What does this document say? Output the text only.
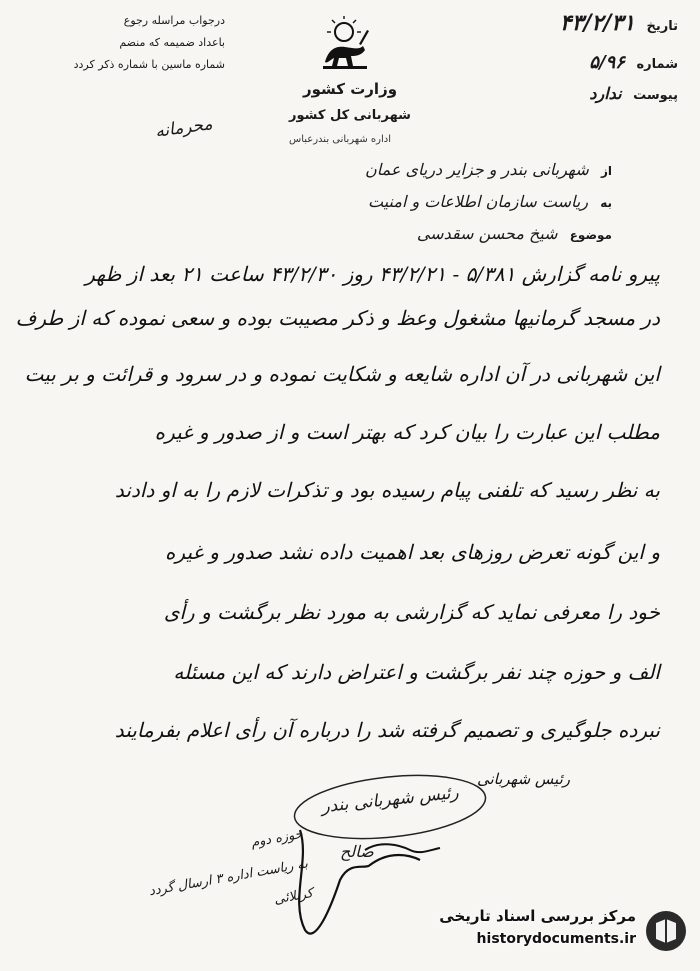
درجواب مراسله رجوع
باعداد ضمیمه که منضم
شماره ماسین با شماره ذکر کردد
وزارت کشور
شهربانی کل کشور
اداره شهربانی بندرعباس
محرمانه
تاریخ ۴۳/۲/۳۱
شماره ۵/۹۶
پیوست ندارد
از شهربانی بندر و جزایر دریای عمان
به ریاست سازمان اطلاعات و امنیت
موضوع شیخ محسن سقدسی
پیرو نامه گزارش ۵/۳۸۱ - ۴۳/۲/۲۱ روز ۴۳/۲/۳۰ ساعت ۲۱ بعد از ظهر
در مسجد گرمانیها مشغول وعظ و ذکر مصیبت بوده و سعی نموده که از طرف
این شهربانی در آن اداره شایعه و شکایت نموده و در سرود و قرائت و بر بیت
مطلب این عبارت را بیان کرد که بهتر است و از صدور و غیره
به نظر رسید که تلفنی پیام رسیده بود و تذکرات لازم را به او دادند
و این گونه تعرض روزهای بعد اهمیت داده نشد صدور و غیره
خود را معرفی نماید که گزارشی به مورد نظر برگشت و رأی
الف و حوزه چند نفر برگشت و اعتراض دارند که این مسئله
نبرده جلوگیری و تصمیم گرفته شد را درباره آن رأی اعلام بفرمایند
رئیس شهربانی
رئیس شهربانی بندر
صالح
حوزه دوم
به ریاست اداره ۳ ارسال گردد
کربلائی
مرکز بررسی اسناد تاریخی
historydocuments.ir
